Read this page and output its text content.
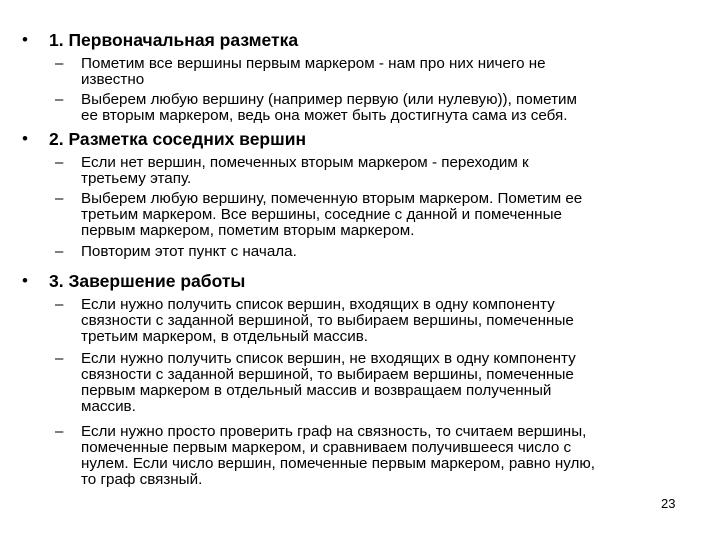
• 1. Первоначальная разметка
– Пометим все вершины первым маркером - нам про них ничего не
известно
– Выберем любую вершину (например первую (или нулевую)), пометим
ее вторым маркером, ведь она может быть достигнута сама из себя.
• 2. Разметка соседних вершин
– Если нет вершин, помеченных вторым маркером - переходим к
третьему этапу.
– Выберем любую вершину, помеченную вторым маркером. Пометим ее
третьим маркером. Все вершины, соседние с данной и помеченные
первым маркером, пометим вторым маркером.
– Повторим этот пункт с начала.
• 3. Завершение работы
– Если нужно получить список вершин, входящих в одну компоненту
связности с заданной вершиной, то выбираем вершины, помеченные
третьим маркером, в отдельный массив.
– Если нужно получить список вершин, не входящих в одну компоненту
связности с заданной вершиной, то выбираем вершины, помеченные
первым маркером в отдельный массив и возвращаем полученный
массив.
– Если нужно просто проверить граф на связность, то считаем вершины,
помеченные первым маркером, и сравниваем получившееся число с
нулем. Если число вершин, помеченные первым маркером, равно нулю,
то граф связный.
23
